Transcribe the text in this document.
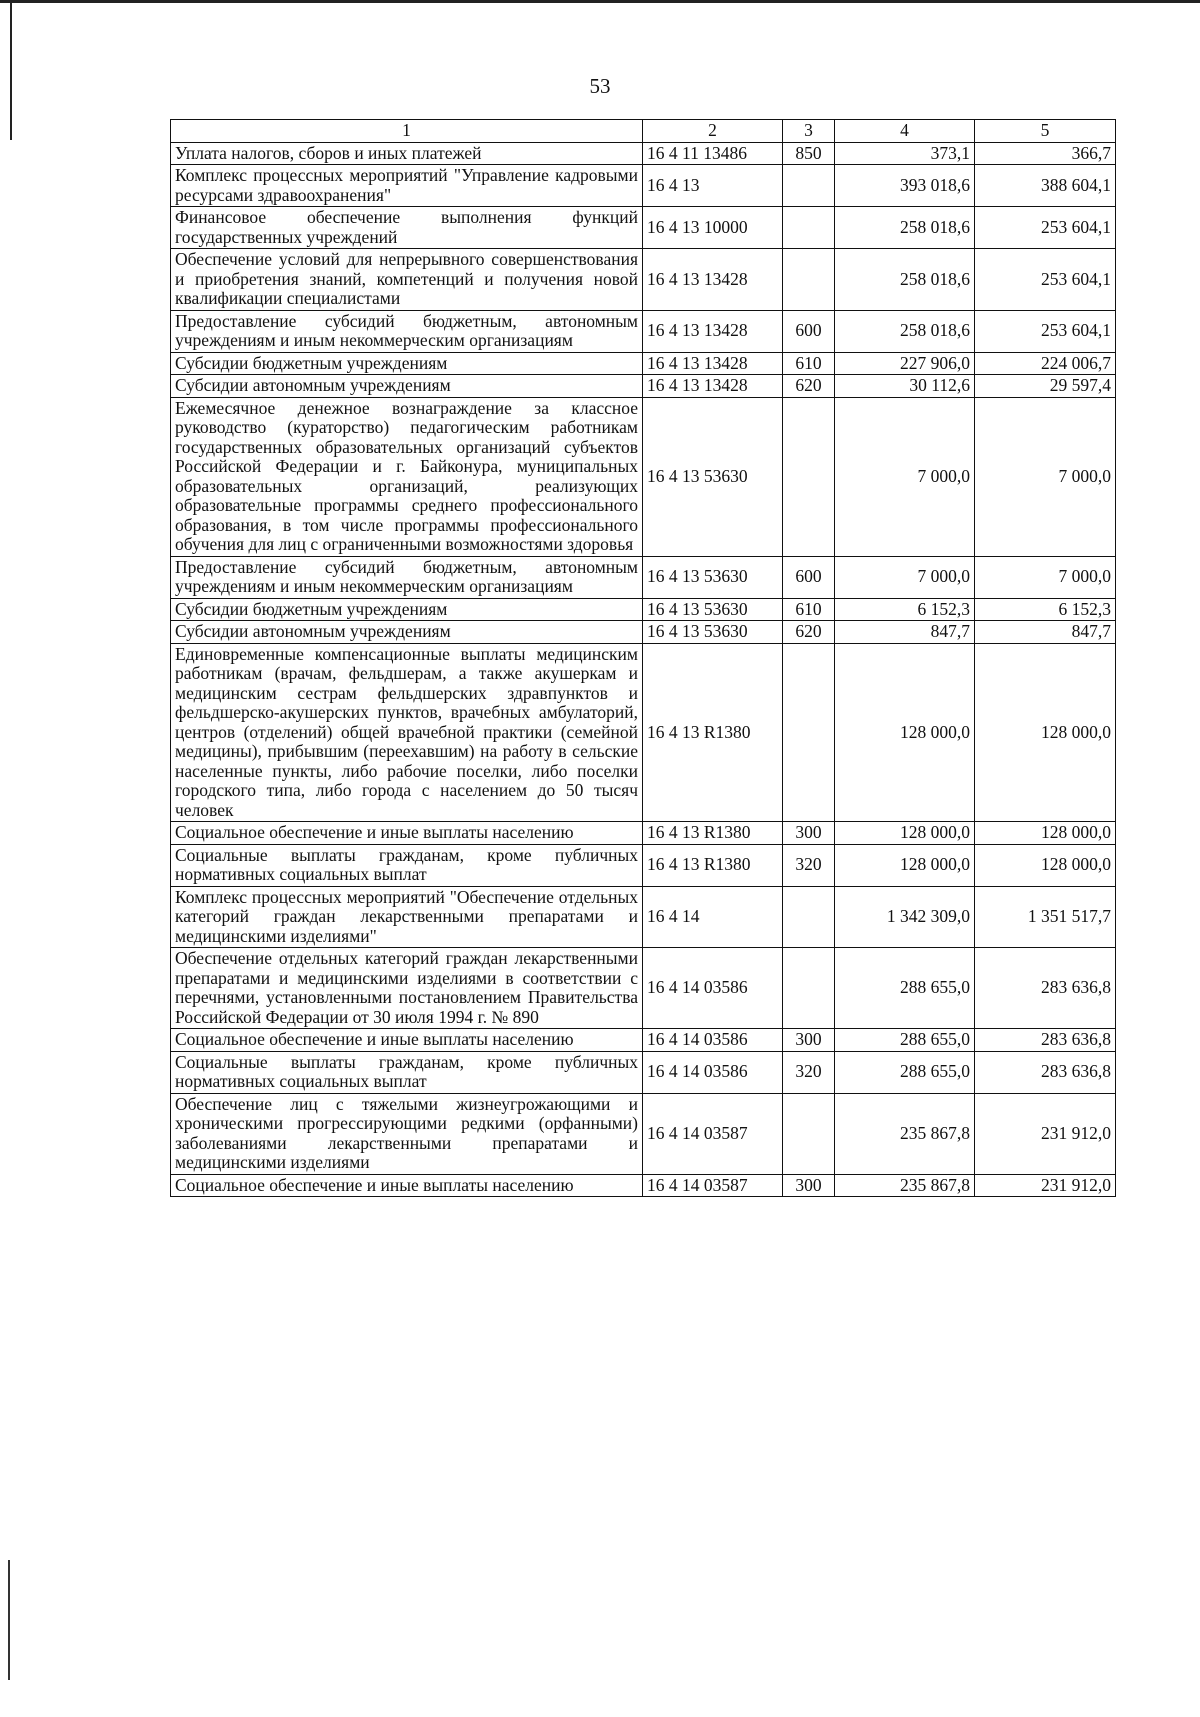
53
1	2	3	4	5
Уплата налогов, сборов и иных платежей	16 4 11 13486	850	373,1	366,7
Комплекс процессных мероприятий "Управление кадровыми ресурсами здравоохранения"	16 4 13		393 018,6	388 604,1
Финансовое обеспечение выполнения функций государственных учреждений	16 4 13 10000		258 018,6	253 604,1
Обеспечение условий для непрерывного совершенствования и приобретения знаний, компетенций и получения новой квалификации специалистами	16 4 13 13428		258 018,6	253 604,1
Предоставление субсидий бюджетным, автономным учреждениям и иным некоммерческим организациям	16 4 13 13428	600	258 018,6	253 604,1
Субсидии бюджетным учреждениям	16 4 13 13428	610	227 906,0	224 006,7
Субсидии автономным учреждениям	16 4 13 13428	620	30 112,6	29 597,4
Ежемесячное денежное вознаграждение за классное руководство (кураторство) педагогическим работникам государственных образовательных организаций субъектов Российской Федерации и г. Байконура, муниципальных образовательных организаций, реализующих образовательные программы среднего профессионального образования, в том числе программы профессионального обучения для лиц с ограниченными возможностями здоровья	16 4 13 53630		7 000,0	7 000,0
Предоставление субсидий бюджетным, автономным учреждениям и иным некоммерческим организациям	16 4 13 53630	600	7 000,0	7 000,0
Субсидии бюджетным учреждениям	16 4 13 53630	610	6 152,3	6 152,3
Субсидии автономным учреждениям	16 4 13 53630	620	847,7	847,7
Единовременные компенсационные выплаты медицинским работникам (врачам, фельдшерам, а также акушеркам и медицинским сестрам фельдшерских здравпунктов и фельдшерско-акушерских пунктов, врачебных амбулаторий, центров (отделений) общей врачебной практики (семейной медицины), прибывшим (переехавшим) на работу в сельские населенные пункты, либо рабочие поселки, либо поселки городского типа, либо города с населением до 50 тысяч человек	16 4 13 R1380		128 000,0	128 000,0
Социальное обеспечение и иные выплаты населению	16 4 13 R1380	300	128 000,0	128 000,0
Социальные выплаты гражданам, кроме публичных нормативных социальных выплат	16 4 13 R1380	320	128 000,0	128 000,0
Комплекс процессных мероприятий "Обеспечение отдельных категорий граждан лекарственными препаратами и медицинскими изделиями"	16 4 14		1 342 309,0	1 351 517,7
Обеспечение отдельных категорий граждан лекарственными препаратами и медицинскими изделиями в соответствии с перечнями, установленными постановлением Правительства Российской Федерации от 30 июля 1994 г. № 890	16 4 14 03586		288 655,0	283 636,8
Социальное обеспечение и иные выплаты населению	16 4 14 03586	300	288 655,0	283 636,8
Социальные выплаты гражданам, кроме публичных нормативных социальных выплат	16 4 14 03586	320	288 655,0	283 636,8
Обеспечение лиц с тяжелыми жизнеугрожающими и хроническими прогрессирующими редкими (орфанными) заболеваниями лекарственными препаратами и медицинскими изделиями	16 4 14 03587		235 867,8	231 912,0
Социальное обеспечение и иные выплаты населению	16 4 14 03587	300	235 867,8	231 912,0
